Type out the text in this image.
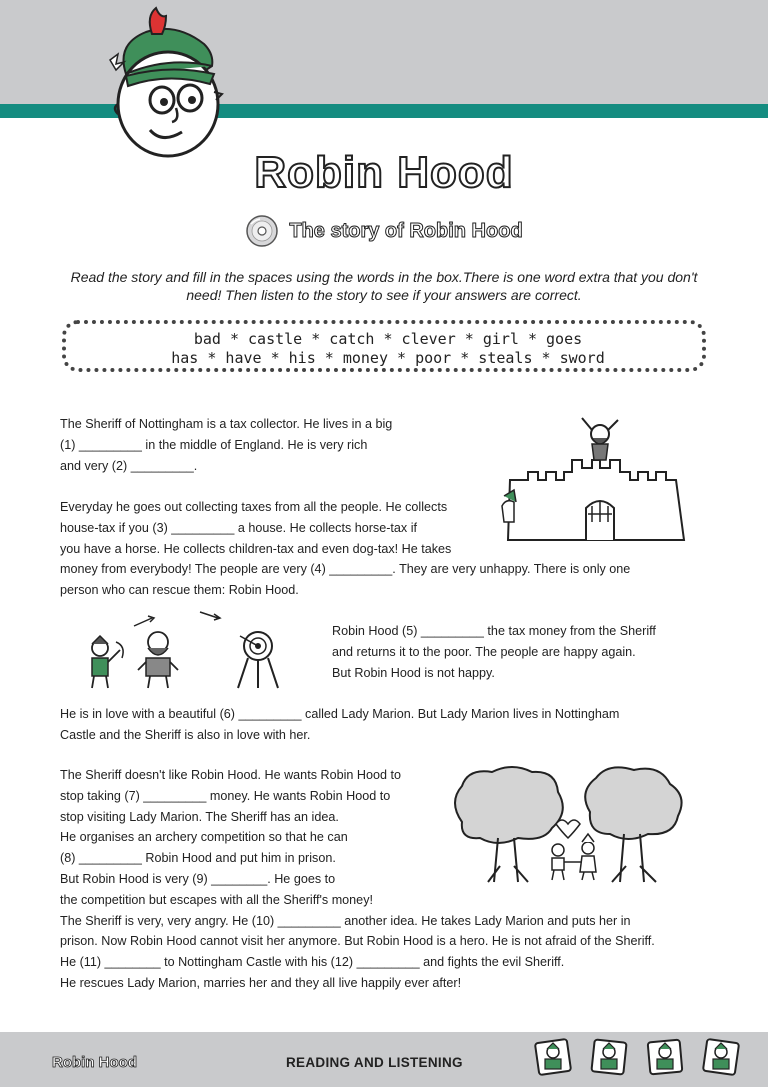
Robin Hood
The story of Robin Hood
Read the story and fill in the spaces using the words in the box.There is one word extra that you don't need! Then listen to the story to see if your answers are correct.
bad * castle * catch * clever * girl * goes
has * have * his * money * poor * steals * sword
The Sheriff of Nottingham is a tax collector. He lives in a big
(1) _________ in the middle of England. He is very rich
and very (2) _________.
Everyday he goes out collecting taxes from all the people. He collects
house-tax if you (3) _________ a house. He collects horse-tax if
you have a horse. He collects children-tax and even dog-tax! He takes
money from everybody! The people are very (4) _________. They are very unhappy. There is only one
person who can rescue them: Robin Hood.
Robin Hood (5) _________ the tax money from the Sheriff
and returns it to the poor. The people are happy again.
But Robin Hood is not happy.
He is in love with a beautiful (6) _________ called Lady Marion. But Lady Marion lives in Nottingham
Castle and the Sheriff is also in love with her.
The Sheriff doesn't like Robin Hood. He wants Robin Hood to
stop taking (7) _________ money. He wants Robin Hood to
stop visiting Lady Marion. The Sheriff has an idea.
He organises an archery competition so that he can
(8) _________ Robin Hood and put him in prison.
But Robin Hood is very (9) ________. He goes to
the competition but escapes with all the Sheriff's money!
The Sheriff is very, very angry. He (10) _________ another idea. He takes Lady Marion and puts her in
prison. Now Robin Hood cannot visit her anymore. But Robin Hood is a hero. He is not afraid of the Sheriff.
He (11) ________ to Nottingham Castle with his (12) _________ and fights the evil Sheriff.
He rescues Lady Marion, marries her and they all live happily ever after!
Robin Hood	READING AND LISTENING
